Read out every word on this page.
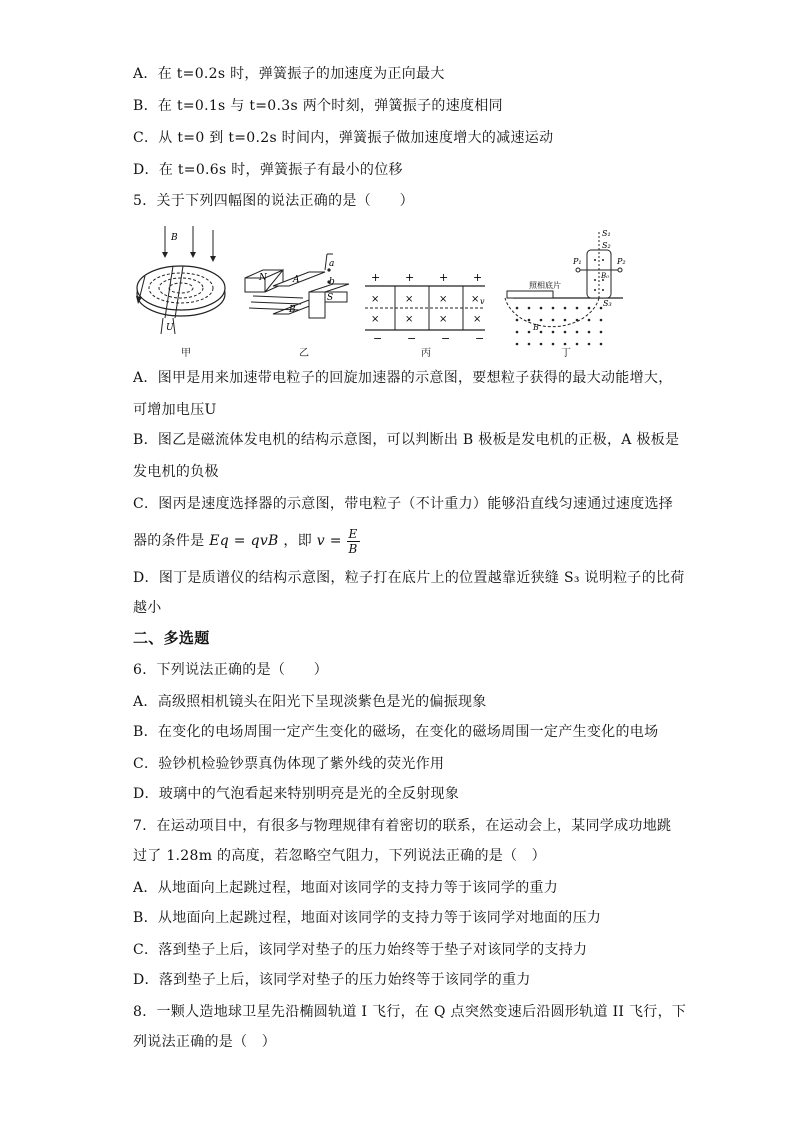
A．在 t=0.2s 时，弹簧振子的加速度为正向最大
B．在 t=0.1s 与 t=0.3s 两个时刻，弹簧振子的速度相同
C．从 t=0 到 t=0.2s 时间内，弹簧振子做加速度增大的减速运动
D．在 t=0.6s 时，弹簧振子有最小的位移
5．关于下列四幅图的说法正确的是（　　）
B
U
N	A
B
S
a
b	+ + + +
×	×	× ×
×	×	×	×
− − − −
v
照相底片
S₁
S₂
S₃
P₁	P₂
B₀
B
甲	乙	丙	丁
A．图甲是用来加速带电粒子的回旋加速器的示意图，要想粒子获得的最大动能增大，
可增加电压U
B．图乙是磁流体发电机的结构示意图，可以判断出 B 极板是发电机的正极，A 极板是
发电机的负极
C．图丙是速度选择器的示意图，带电粒子（不计重力）能够沿直线匀速通过速度选择
器的条件是 Eq = qvB ，即 $v = \frac{E}{B}$
D．图丁是质谱仪的结构示意图，粒子打在底片上的位置越靠近狭缝 S₃ 说明粒子的比荷
越小
二、多选题
6．下列说法正确的是（　　）
A．高级照相机镜头在阳光下呈现淡紫色是光的偏振现象
B．在变化的电场周围一定产生变化的磁场，在变化的磁场周围一定产生变化的电场
C．验钞机检验钞票真伪体现了紫外线的荧光作用
D．玻璃中的气泡看起来特别明亮是光的全反射现象
7．在运动项目中，有很多与物理规律有着密切的联系，在运动会上，某同学成功地跳
过了 1.28m 的高度，若忽略空气阻力，下列说法正确的是（　）
A．从地面向上起跳过程，地面对该同学的支持力等于该同学的重力
B．从地面向上起跳过程，地面对该同学的支持力等于该同学对地面的压力
C．落到垫子上后，该同学对垫子的压力始终等于垫子对该同学的支持力
D．落到垫子上后，该同学对垫子的压力始终等于该同学的重力
8．一颗人造地球卫星先沿椭圆轨道 I 飞行，在 Q 点突然变速后沿圆形轨道 II 飞行，下
列说法正确的是（　）
